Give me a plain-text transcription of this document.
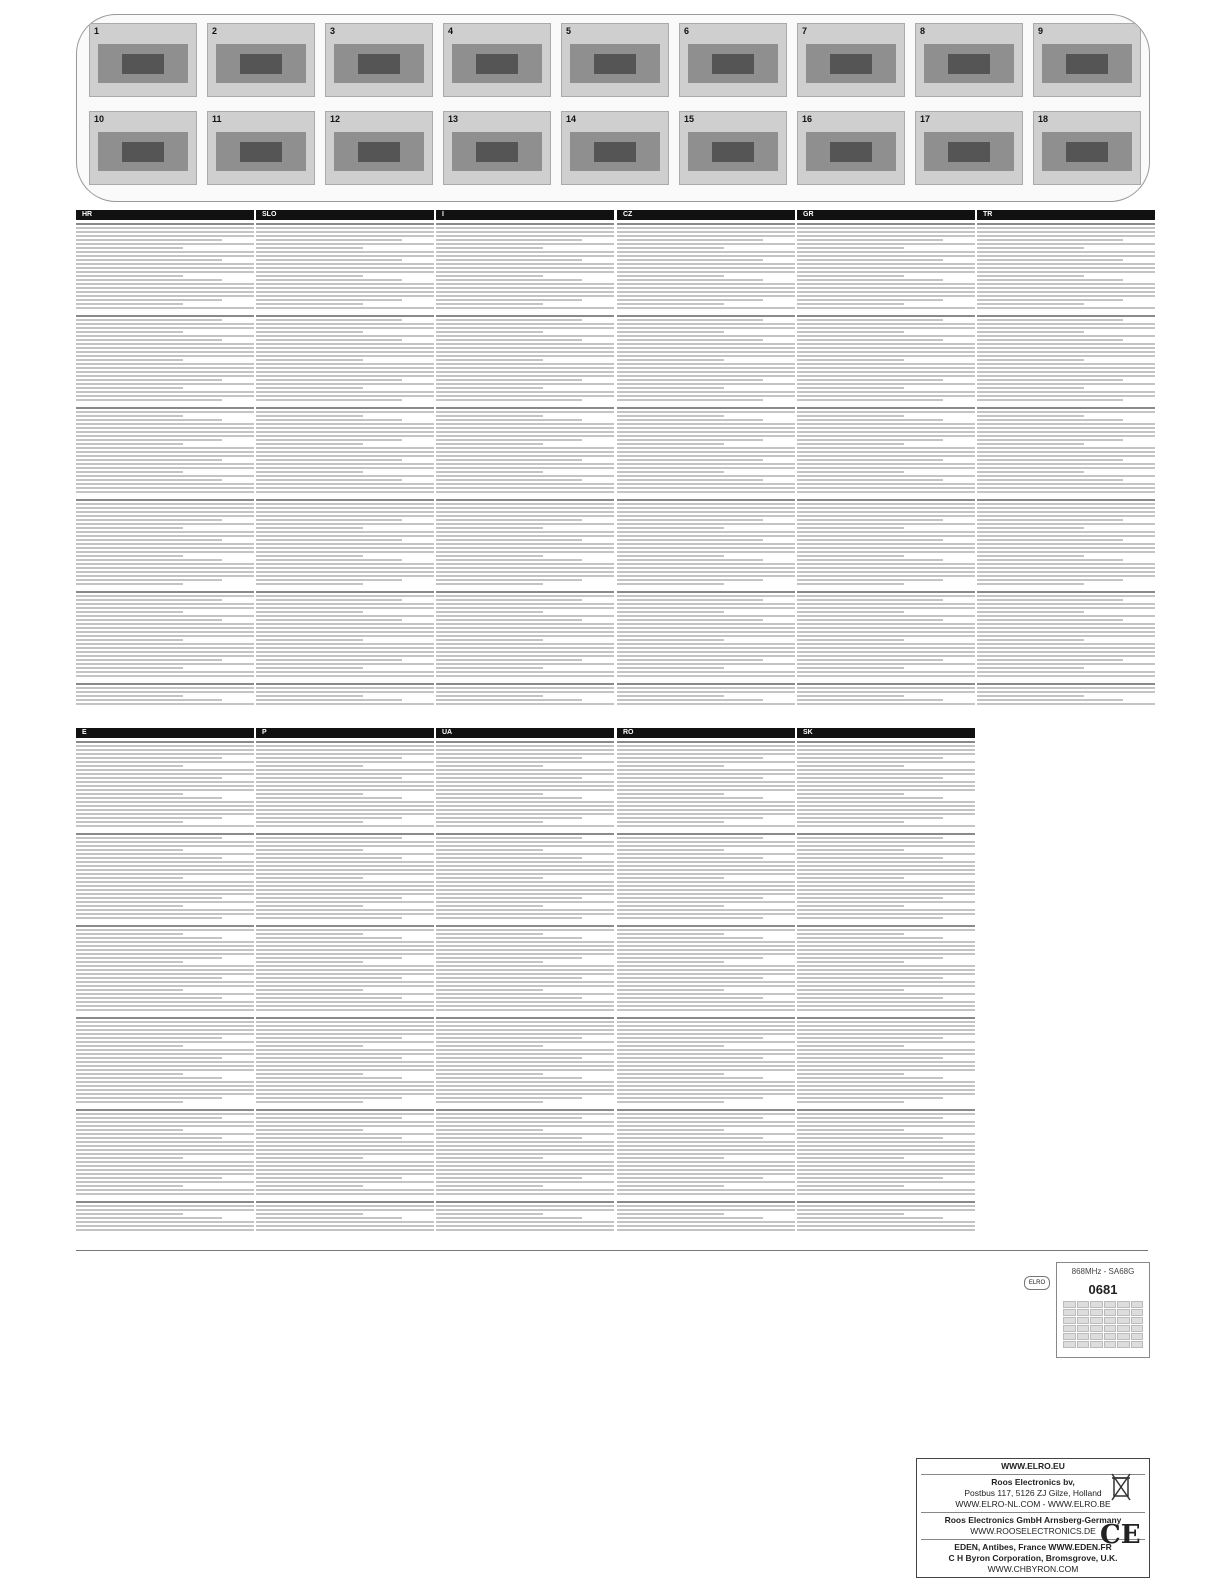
1	2	3	4	5	6	7	8	9
10	11	12	13	14	15	16	17	18
HR	SLO	I	CZ	GR	TR
E	P	UA	RO	SK
ELRO
868MHz - SA68G
0681
WWW.ELRO.EU
Roos Electronics bv,
Postbus 117, 5126 ZJ Gilze, Holland
WWW.ELRO-NL.COM - WWW.ELRO.BE
Roos Electronics GmbH Arnsberg-Germany
WWW.ROOSELECTRONICS.DE
EDEN, Antibes, France WWW.EDEN.FR
C H Byron Corporation, Bromsgrove, U.K.
WWW.CHBYRON.COM
CE
